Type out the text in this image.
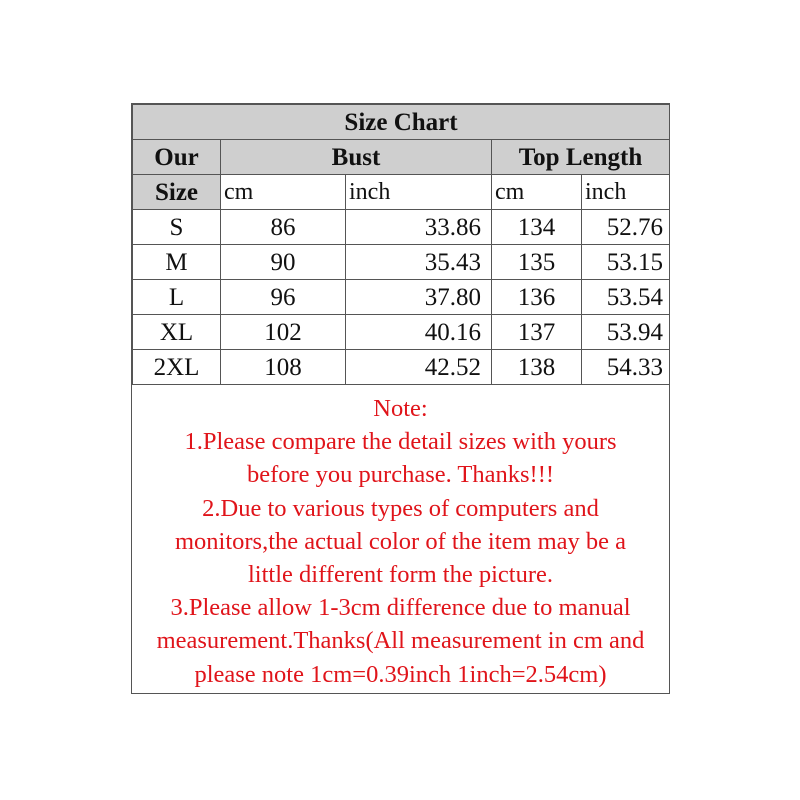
Size Chart				
Our	Bust		Top Length	
Size	cm	inch	cm	inch
S	86	33.86	134	52.76
M	90	35.43	135	53.15
L	96	37.80	136	53.54
XL	102	40.16	137	53.94
2XL	108	42.52	138	54.33
Note:
1.Please compare the detail sizes with yours
before you purchase. Thanks!!!
2.Due to various types of computers and
monitors,the actual color of the item may be a
little different form the picture.
3.Please allow 1-3cm difference due to manual
measurement.Thanks(All measurement in cm and
please note 1cm=0.39inch 1inch=2.54cm)
